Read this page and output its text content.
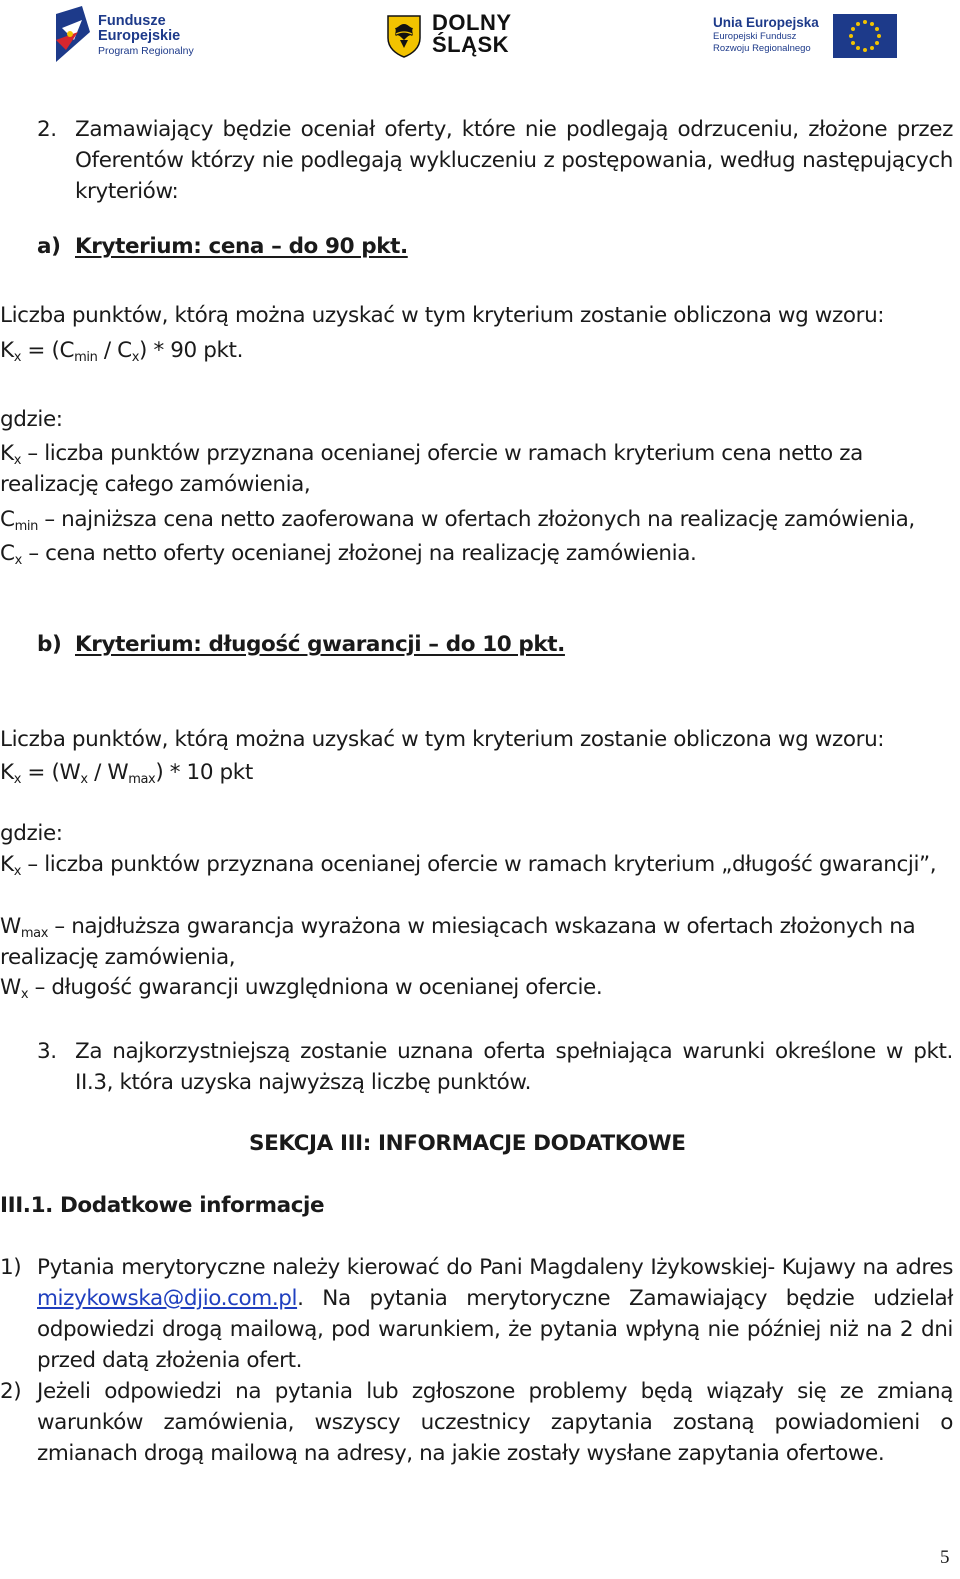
Fundusze
Europejskie
Program Regionalny
DOLNY
ŚLĄSK
Unia Europejska
Europejski Fundusz
Rozwoju Regionalnego
2. Zamawiający będzie oceniał oferty, które nie podlegają odrzuceniu, złożone przez Oferentów którzy nie podlegają wykluczeniu z postępowania, według następujących kryteriów:
a) Kryterium: cena – do 90 pkt.
Liczba punktów, którą można uzyskać w tym kryterium zostanie obliczona wg wzoru:
$K_x = (C_{min} / C_x) * 90$ pkt.
gdzie:
$K_x$ – liczba punktów przyznana ocenianej ofercie w ramach kryterium cena netto za
realizację całego zamówienia,
$C_{min}$ – najniższa cena netto zaoferowana w ofertach złożonych na realizację zamówienia,
$C_x$ – cena netto oferty ocenianej złożonej na realizację zamówienia.
b) Kryterium: długość gwarancji – do 10 pkt.
Liczba punktów, którą można uzyskać w tym kryterium zostanie obliczona wg wzoru:
$K_x = (W_x / W_{max}) * 10$ pkt
gdzie:
$K_x$ – liczba punktów przyznana ocenianej ofercie w ramach kryterium „długość gwarancji”,
$W_{max}$ – najdłuższa gwarancja wyrażona w miesiącach wskazana w ofertach złożonych na
realizację zamówienia,
$W_x$ – długość gwarancji uwzględniona w ocenianej ofercie.
3. Za najkorzystniejszą zostanie uznana oferta spełniająca warunki określone w pkt. II.3, która uzyska najwyższą liczbę punktów.
SEKCJA III: INFORMACJE DODATKOWE
III.1. Dodatkowe informacje
1) Pytania merytoryczne należy kierować do Pani Magdaleny Iżykowskiej- Kujawy na adres mizykowska@djio.com.pl. Na pytania merytoryczne Zamawiający będzie udzielał odpowiedzi drogą mailową, pod warunkiem, że pytania wpłyną nie później niż na 2 dni przed datą złożenia ofert.
2) Jeżeli odpowiedzi na pytania lub zgłoszone problemy będą wiązały się ze zmianą warunków zamówienia, wszyscy uczestnicy zapytania zostaną powiadomieni o zmianach drogą mailową na adresy, na jakie zostały wysłane zapytania ofertowe.
5
